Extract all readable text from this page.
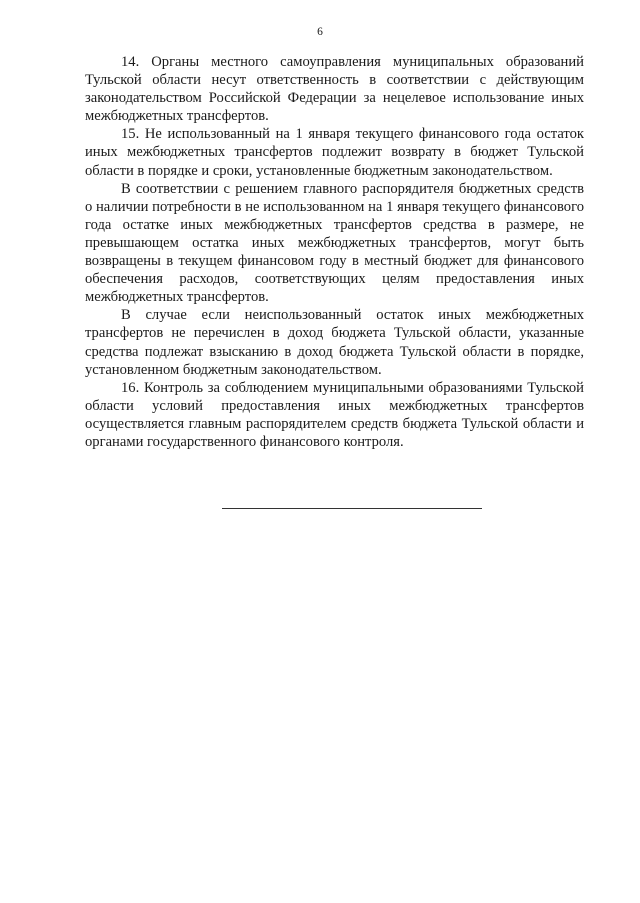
6

14. Органы местного самоуправления муниципальных образований Тульской области несут ответственность в соответствии с действующим законодательством Российской Федерации за нецелевое использование иных межбюджетных трансфертов.

15. Не использованный на 1 января текущего финансового года остаток иных межбюджетных трансфертов подлежит возврату в бюджет Тульской области в порядке и сроки, установленные бюджетным законодательством.

В соответствии с решением главного распорядителя бюджетных средств о наличии потребности в не использованном на 1 января текущего финансового года остатке иных межбюджетных трансфертов средства в размере, не превышающем остатка иных межбюджетных трансфертов, могут быть возвращены в текущем финансовом году в местный бюджет для финансового обеспечения расходов, соответствующих целям предоставления иных межбюджетных трансфертов.

В случае если неиспользованный остаток иных межбюджетных трансфертов не перечислен в доход бюджета Тульской области, указанные средства подлежат взысканию в доход бюджета Тульской области в порядке, установленном бюджетным законодательством.

16. Контроль за соблюдением муниципальными образованиями Тульской области условий предоставления иных межбюджетных трансфертов осуществляется главным распорядителем средств бюджета Тульской области и органами государственного финансового контроля.
